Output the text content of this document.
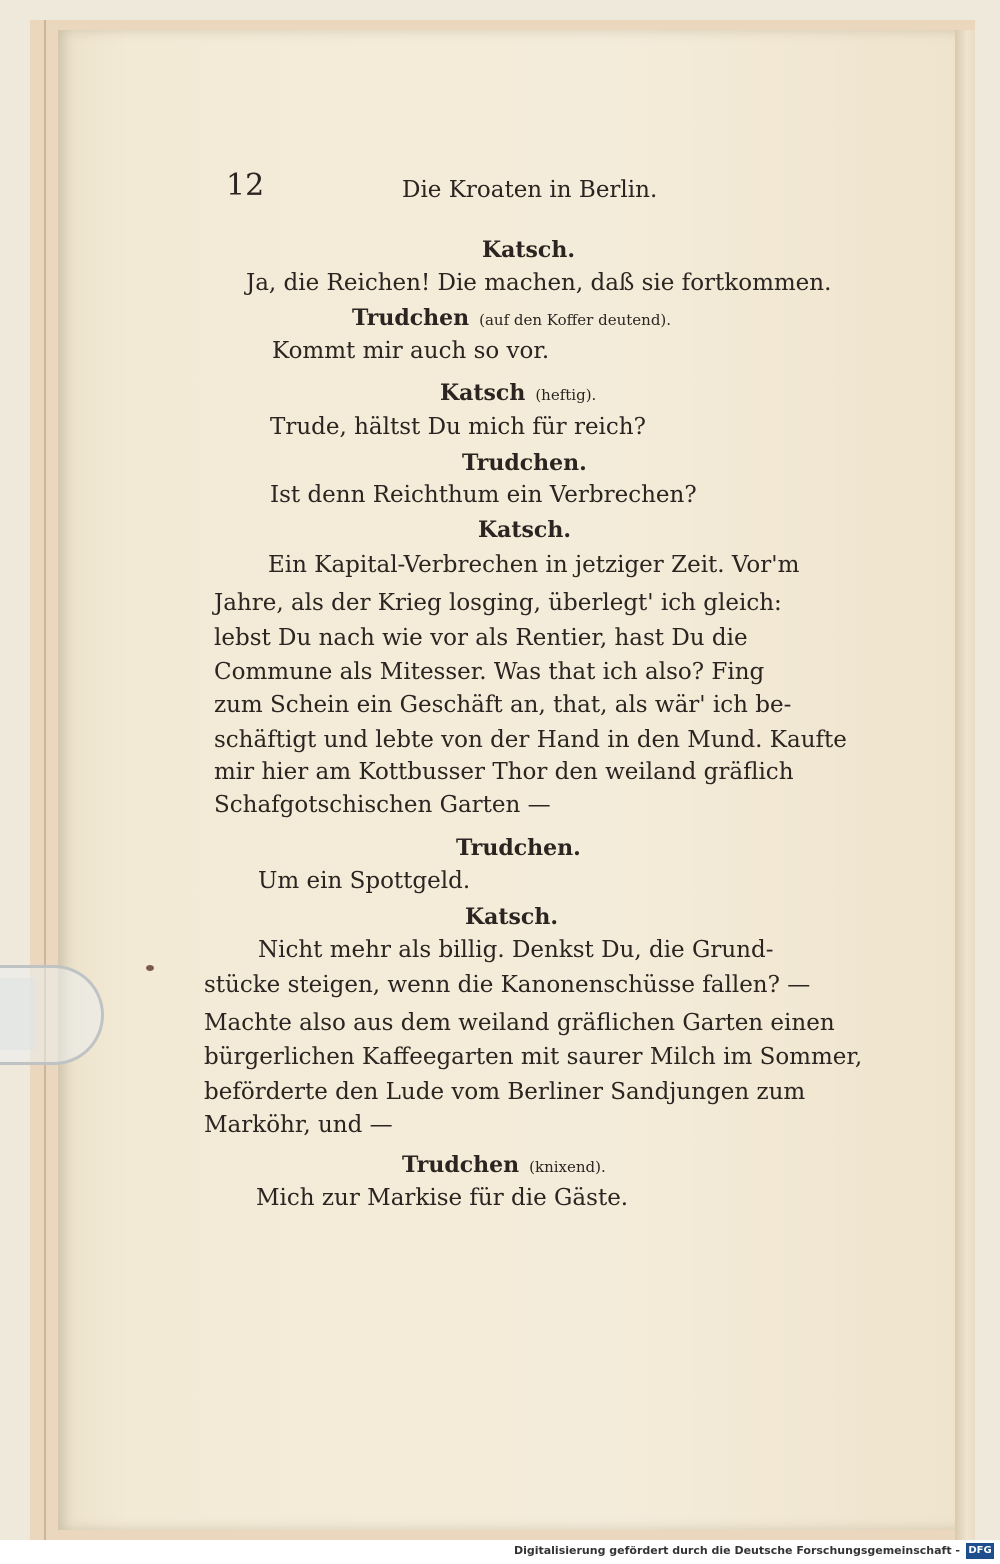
12	Die Kroaten in Berlin.
Katsch.
Ja, die Reichen! Die machen, daß sie fortkommen.
Trudchen (auf den Koffer deutend).
Kommt mir auch so vor.
Katsch (heftig).
Trude, hältst Du mich für reich?
Trudchen.
Ist denn Reichthum ein Verbrechen?
Katsch.
Ein Kapital-Verbrechen in jetziger Zeit. Vor'm
Jahre, als der Krieg losging, überlegt' ich gleich:
lebst Du nach wie vor als Rentier, hast Du die
Commune als Mitesser. Was that ich also? Fing
zum Schein ein Geschäft an, that, als wär' ich be-
schäftigt und lebte von der Hand in den Mund. Kaufte
mir hier am Kottbusser Thor den weiland gräflich
Schafgotschischen Garten —
Trudchen.
Um ein Spottgeld.
Katsch.
Nicht mehr als billig. Denkst Du, die Grund-
stücke steigen, wenn die Kanonenschüsse fallen? —
Machte also aus dem weiland gräflichen Garten einen
bürgerlichen Kaffeegarten mit saurer Milch im Sommer,
beförderte den Lude vom Berliner Sandjungen zum
Marköhr, und —
Trudchen (knixend).
Mich zur Markise für die Gäste.
Digitalisierung gefördert durch die Deutsche Forschungsgemeinschaft - DFG
